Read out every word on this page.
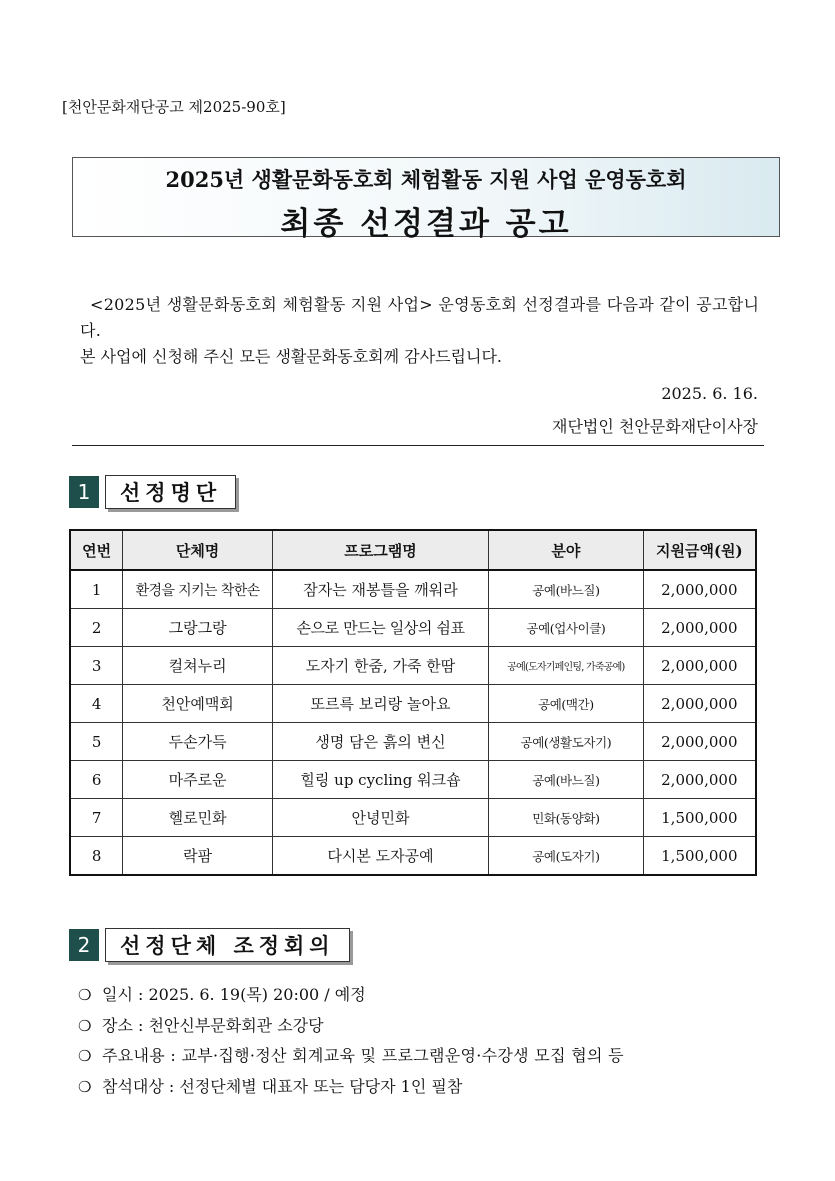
[천안문화재단공고 제2025-90호]
2025년 생활문화동호회 체험활동 지원 사업 운영동호회
최종 선정결과 공고

<2025년 생활문화동호회 체험활동 지원 사업> 운영동호회 선정결과를 다음과 같이 공고합니다.

본 사업에 신청해 주신 모든 생활문화동호회께 감사드립니다.

2025. 6. 16.
재단법인 천안문화재단이사장
1	선정명단
연번	단체명	프로그램명	분야	지원금액(원)
1	환경을 지키는 착한손	잠자는 재봉틀을 깨워라	공예(바느질)	2,000,000
2	그랑그랑	손으로 만드는 일상의 쉼표	공예(업사이클)	2,000,000
3	컬쳐누리	도자기 한줌, 가죽 한땀	공예(도자기페인팅, 가죽공예)	2,000,000
4	천안예맥회	또르륵 보리랑 놀아요	공예(맥간)	2,000,000
5	두손가득	생명 담은 흙의 변신	공예(생활도자기)	2,000,000
6	마주로운	힐링 up cycling 워크숍	공예(바느질)	2,000,000
7	헬로민화	안녕민화	민화(동양화)	1,500,000
8	락팜	다시본 도자공예	공예(도자기)	1,500,000
2	선정단체 조정회의
❍ 일시 : 2025. 6. 19(목) 20:00 / 예정
❍ 장소 : 천안신부문화회관 소강당
❍ 주요내용 : 교부·집행·정산 회계교육 및 프로그램운영·수강생 모집 협의 등
❍ 참석대상 : 선정단체별 대표자 또는 담당자 1인 필참
